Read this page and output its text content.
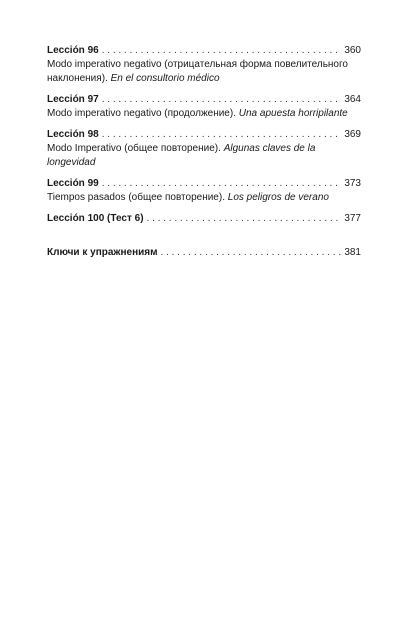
Lección 96 . . .	360
Modo imperativo negativo (отрицательная форма повелительного наклонения). En el consultorio médico
Lección 97 . . .	364
Modo imperativo negativo (продолжение). Una apuesta horripilante
Lección 98 . . .	369
Modo Imperativo (общее повторение). Algunas claves de la longevidad
Lección 99 . . .	373
Tiempos pasados (общее повторение). Los peligros de verano
Lección 100 (Тест 6) . . .	377
Ключи к упражнениям . . .	381
